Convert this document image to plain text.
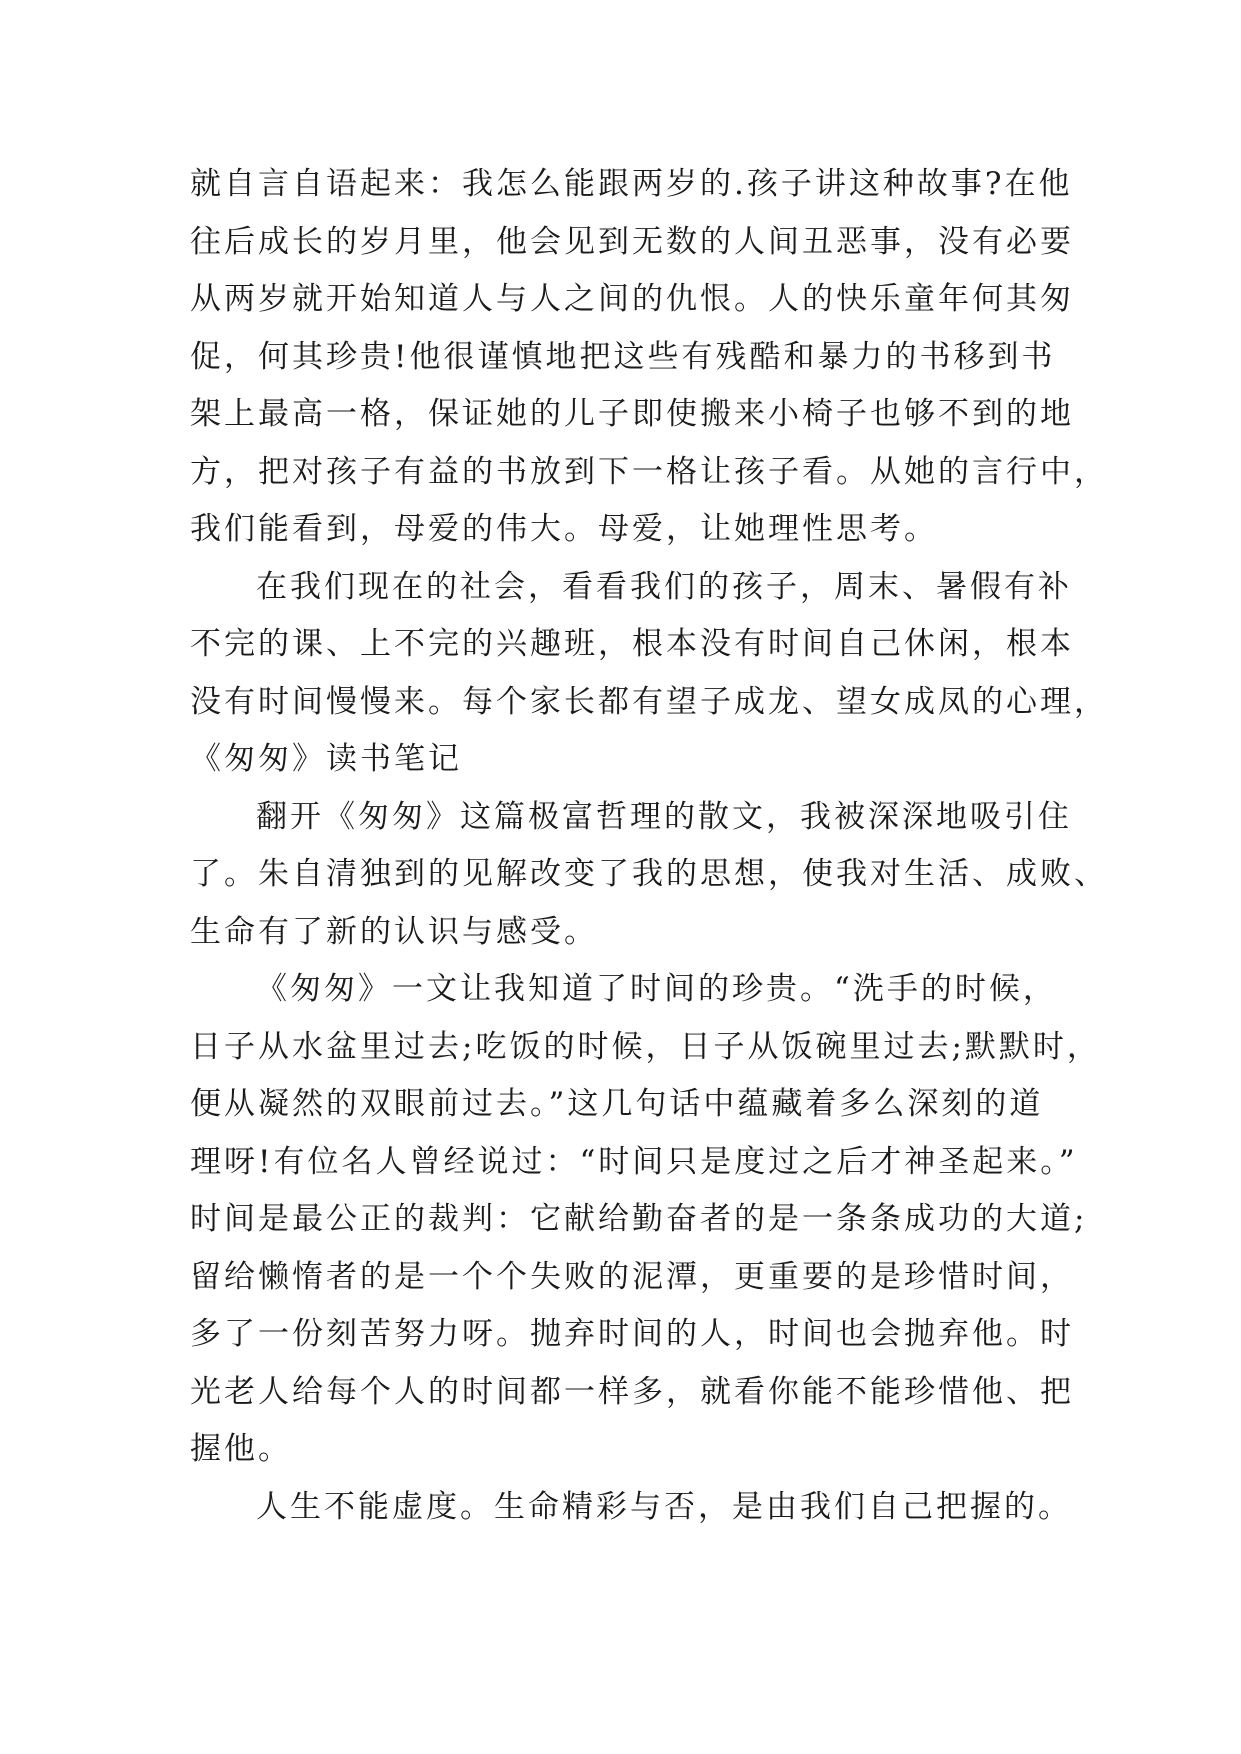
就自言自语起来：我怎么能跟两岁的.孩子讲这种故事?在他
往后成长的岁月里，他会见到无数的人间丑恶事，没有必要
从两岁就开始知道人与人之间的仇恨。人的快乐童年何其匆
促，何其珍贵!他很谨慎地把这些有残酷和暴力的书移到书
架上最高一格，保证她的儿子即使搬来小椅子也够不到的地
方，把对孩子有益的书放到下一格让孩子看。从她的言行中，
我们能看到，母爱的伟大。母爱，让她理性思考。
在我们现在的社会，看看我们的孩子，周末、暑假有补
不完的课、上不完的兴趣班，根本没有时间自己休闲，根本
没有时间慢慢来。每个家长都有望子成龙、望女成凤的心理，
《匆匆》读书笔记
翻开《匆匆》这篇极富哲理的散文，我被深深地吸引住
了。朱自清独到的见解改变了我的思想，使我对生活、成败、
生命有了新的认识与感受。
《匆匆》一文让我知道了时间的珍贵。“洗手的时候，
日子从水盆里过去;吃饭的时候，日子从饭碗里过去;默默时，
便从凝然的双眼前过去。”这几句话中蕴藏着多么深刻的道
理呀!有位名人曾经说过：“时间只是度过之后才神圣起来。”
时间是最公正的裁判：它献给勤奋者的是一条条成功的大道;
留给懒惰者的是一个个失败的泥潭，更重要的是珍惜时间，
多了一份刻苦努力呀。抛弃时间的人，时间也会抛弃他。时
光老人给每个人的时间都一样多，就看你能不能珍惜他、把
握他。
人生不能虚度。生命精彩与否，是由我们自己把握的。
